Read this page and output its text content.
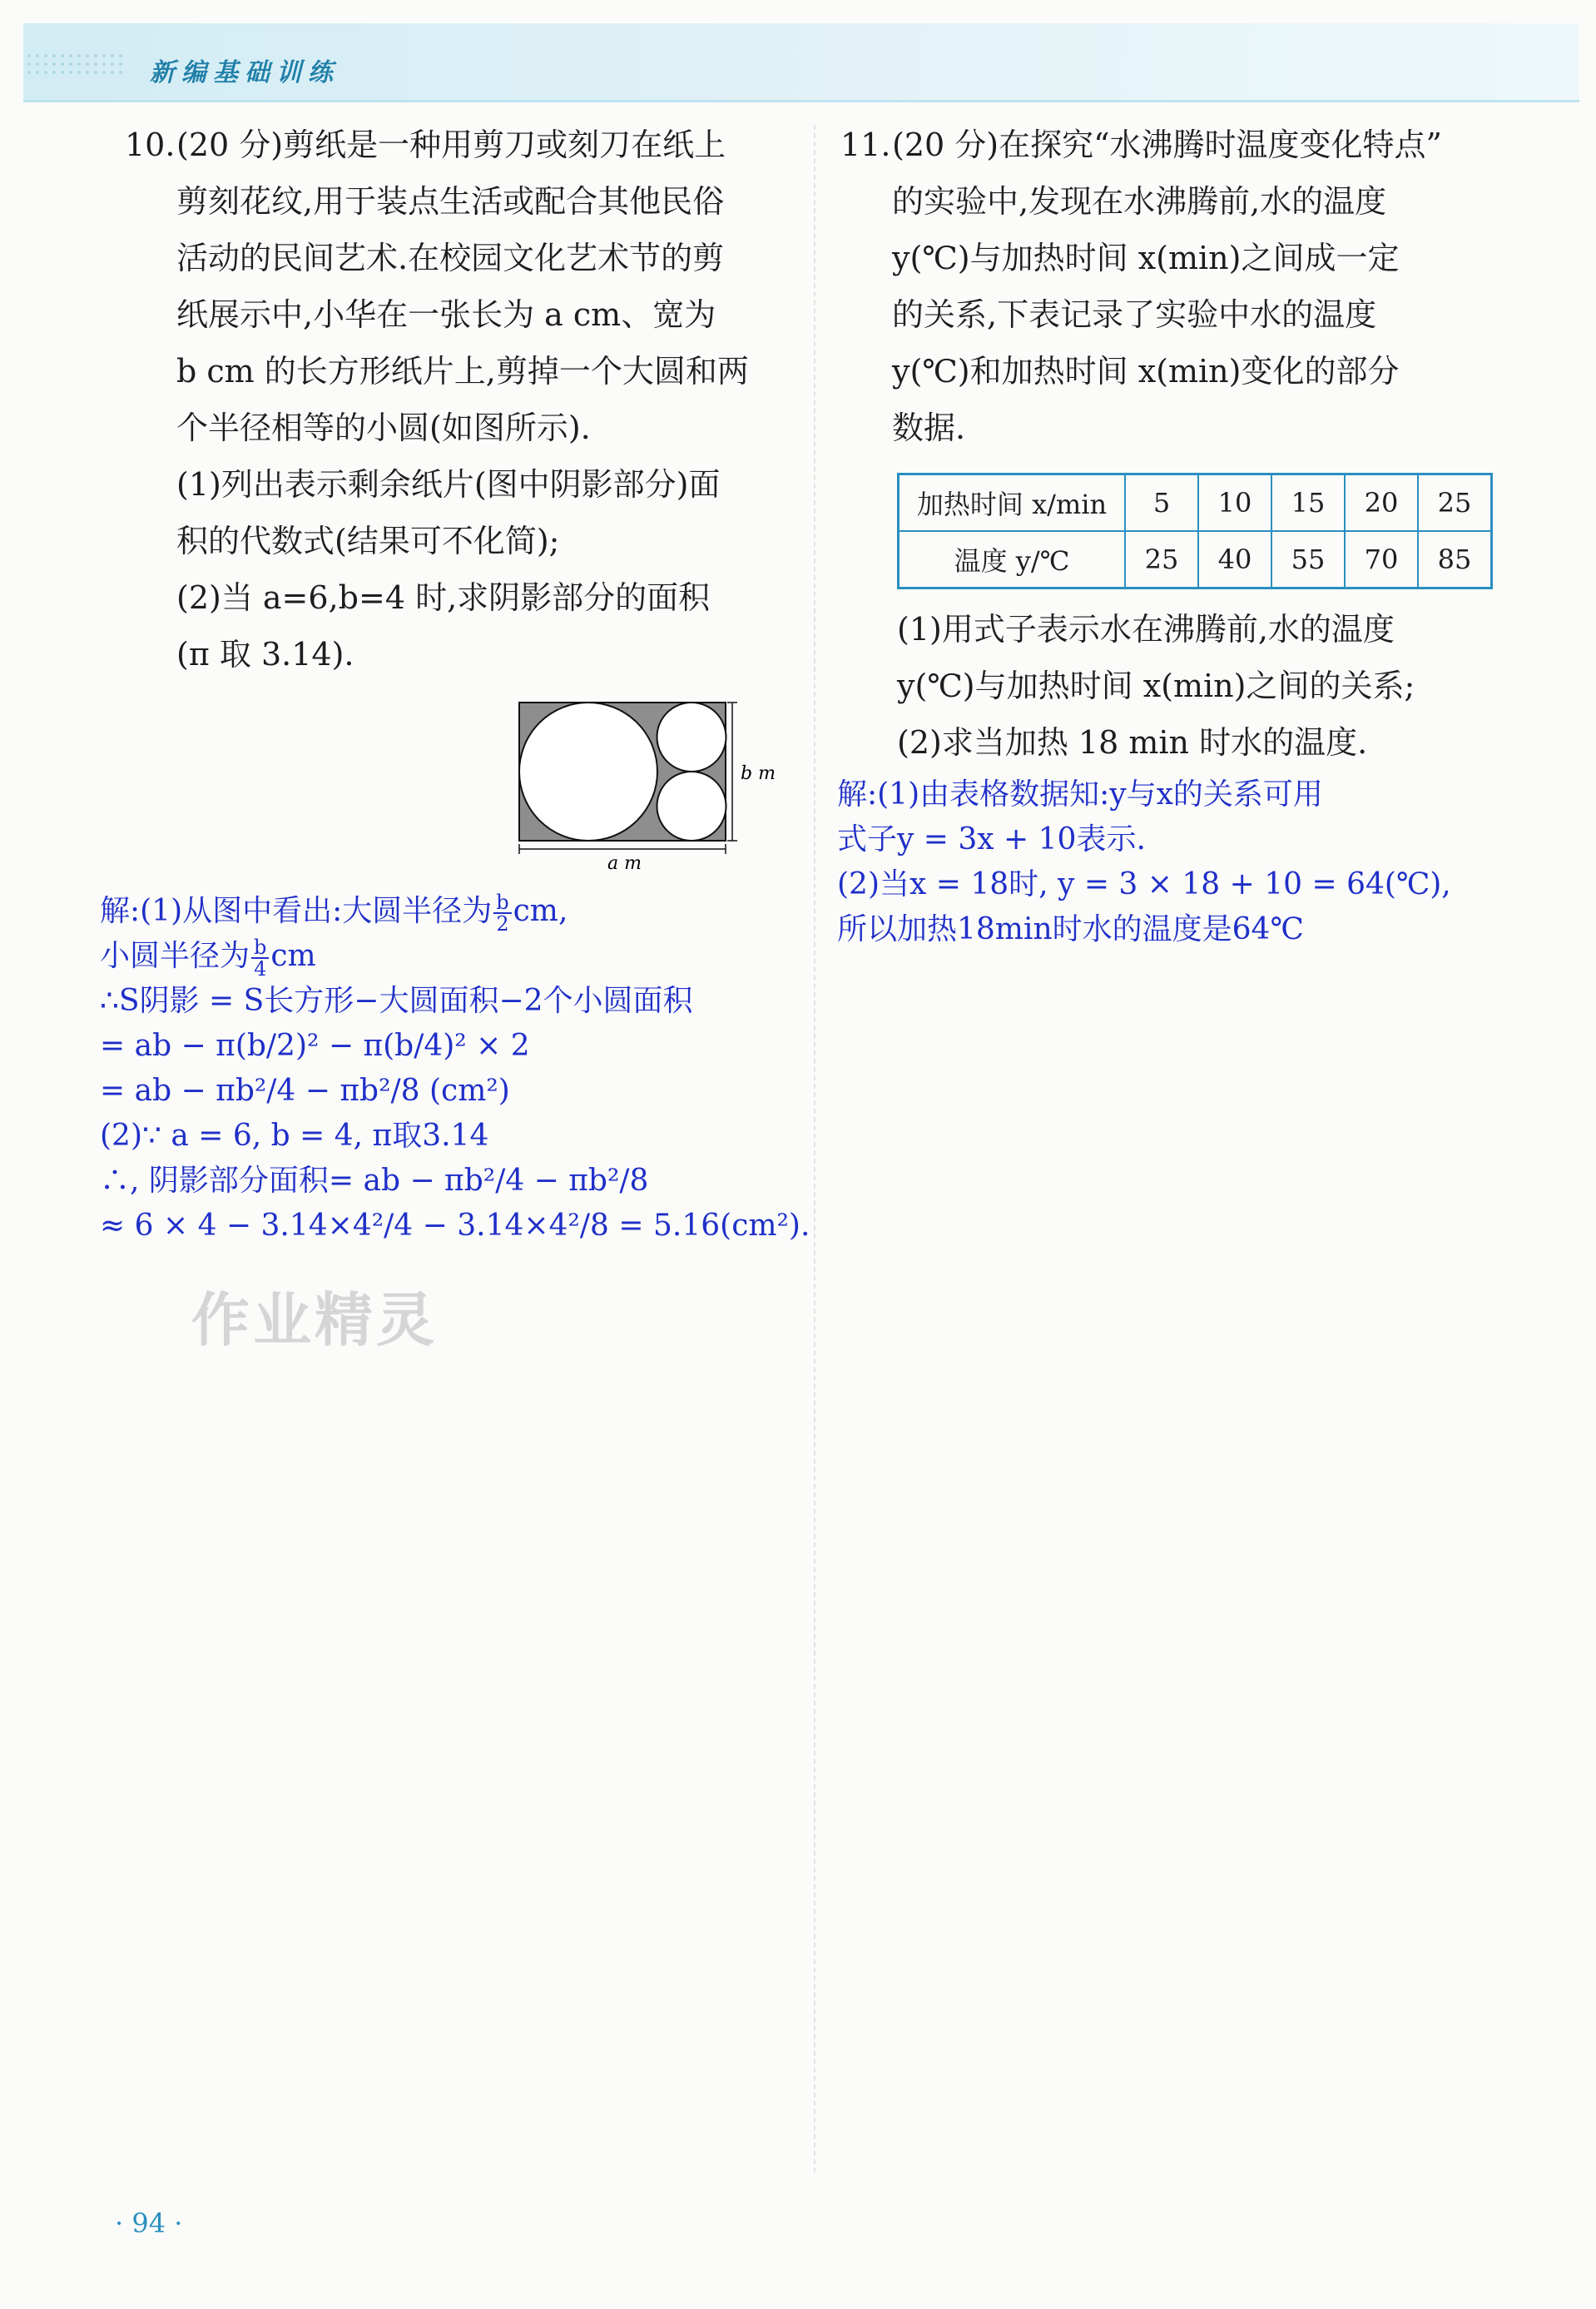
新编基础训练

10.(20 分)剪纸是一种用剪刀或刻刀在纸上

剪刻花纹,用于装点生活或配合其他民俗

活动的民间艺术.在校园文化艺术节的剪

纸展示中,小华在一张长为 a cm、宽为

b cm 的长方形纸片上,剪掉一个大圆和两

个半径相等的小圆(如图所示).

(1)列出表示剩余纸片(图中阴影部分)面

积的代数式(结果可不化简);

(2)当 a=6,b=4 时,求阴影部分的面积

(π 取 3.14).

b m
a m

解:(1)从图中看出:大圆半径为 $\frac{b}{2}$ cm,

小圆半径为 $\frac{b}{4}$ cm

∴S阴影 = S长方形−大圆面积−2个小圆面积

= ab − π(b/2)² − π(b/4)² × 2

= ab − πb²/4 − πb²/8 (cm²)

(2)∵ a = 6, b = 4, π取3.14

∴, 阴影部分面积= ab − πb²/4 − πb²/8

≈ 6 × 4 − 3.14×4²/4 − 3.14×4²/8 = 5.16(cm²).

作业精灵

11.(20 分)在探究“水沸腾时温度变化特点”

的实验中,发现在水沸腾前,水的温度

y(℃)与加热时间 x(min)之间成一定

的关系,下表记录了实验中水的温度

y(℃)和加热时间 x(min)变化的部分

数据.

加热时间 x/min	5	10	15	20	25
温度 y/℃	25	40	55	70	85

(1)用式子表示水在沸腾前,水的温度

y(℃)与加热时间 x(min)之间的关系;

(2)求当加热 18 min 时水的温度.

解:(1)由表格数据知:y与x的关系可用

式子y = 3x + 10表示.

(2)当x = 18时, y = 3 × 18 + 10 = 64(℃),

所以加热18min时水的温度是64℃

· 94 ·
